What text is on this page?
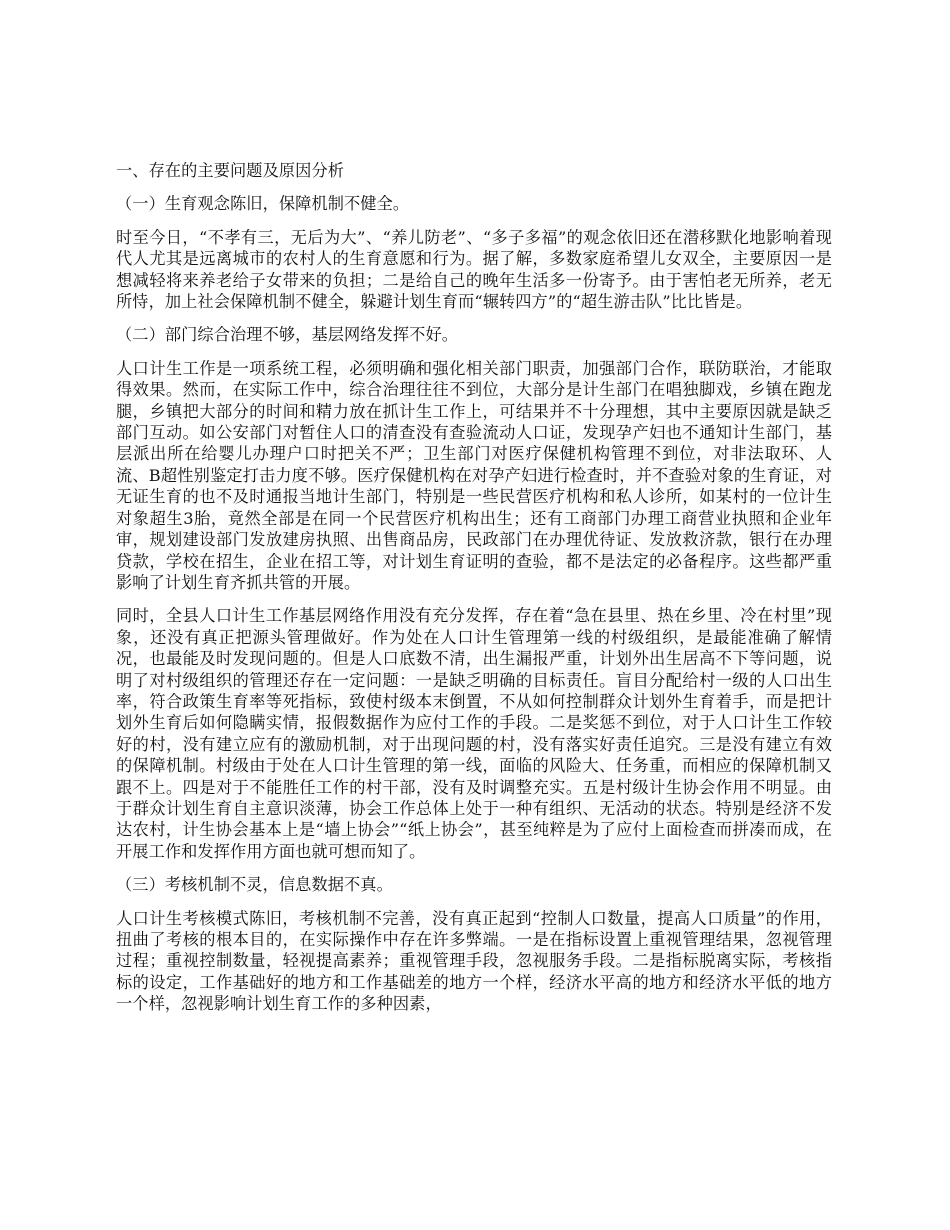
一、存在的主要问题及原因分析

（一）生育观念陈旧，保障机制不健全。

时至今日，“不孝有三，无后为大”、“养儿防老”、“多子多福”的观念依旧还在潜移默化地影响着现代人尤其是远离城市的农村人的生育意愿和行为。据了解，多数家庭希望儿女双全，主要原因一是想减轻将来养老给子女带来的负担；二是给自己的晚年生活多一份寄予。由于害怕老无所养，老无所恃，加上社会保障机制不健全，躲避计划生育而“辗转四方”的“超生游击队”比比皆是。

（二）部门综合治理不够，基层网络发挥不好。

人口计生工作是一项系统工程，必须明确和强化相关部门职责，加强部门合作，联防联治，才能取得效果。然而，在实际工作中，综合治理往往不到位，大部分是计生部门在唱独脚戏，乡镇在跑龙腿，乡镇把大部分的时间和精力放在抓计生工作上，可结果并不十分理想，其中主要原因就是缺乏部门互动。如公安部门对暂住人口的清查没有查验流动人口证，发现孕产妇也不通知计生部门，基层派出所在给婴儿办理户口时把关不严；卫生部门对医疗保健机构管理不到位，对非法取环、人流、B超性别鉴定打击力度不够。医疗保健机构在对孕产妇进行检查时，并不查验对象的生育证，对无证生育的也不及时通报当地计生部门，特别是一些民营医疗机构和私人诊所，如某村的一位计生对象超生3胎，竟然全部是在同一个民营医疗机构出生；还有工商部门办理工商营业执照和企业年审，规划建设部门发放建房执照、出售商品房，民政部门在办理优待证、发放救济款，银行在办理贷款，学校在招生，企业在招工等，对计划生育证明的查验，都不是法定的必备程序。这些都严重影响了计划生育齐抓共管的开展。

同时，全县人口计生工作基层网络作用没有充分发挥，存在着“急在县里、热在乡里、冷在村里”现象，还没有真正把源头管理做好。作为处在人口计生管理第一线的村级组织，是最能准确了解情况，也最能及时发现问题的。但是人口底数不清，出生漏报严重，计划外出生居高不下等问题，说明了对村级组织的管理还存在一定问题：一是缺乏明确的目标责任。盲目分配给村一级的人口出生率，符合政策生育率等死指标，致使村级本末倒置，不从如何控制群众计划外生育着手，而是把计划外生育后如何隐瞒实情，报假数据作为应付工作的手段。二是奖惩不到位，对于人口计生工作较好的村，没有建立应有的激励机制，对于出现问题的村，没有落实好责任追究。三是没有建立有效的保障机制。村级由于处在人口计生管理的第一线，面临的风险大、任务重，而相应的保障机制又跟不上。四是对于不能胜任工作的村干部，没有及时调整充实。五是村级计生协会作用不明显。由于群众计划生育自主意识淡薄，协会工作总体上处于一种有组织、无活动的状态。特别是经济不发达农村，计生协会基本上是“墙上协会”“纸上协会”，甚至纯粹是为了应付上面检查而拼凑而成，在开展工作和发挥作用方面也就可想而知了。

（三）考核机制不灵，信息数据不真。

人口计生考核模式陈旧，考核机制不完善，没有真正起到“控制人口数量，提高人口质量”的作用，扭曲了考核的根本目的，在实际操作中存在许多弊端。一是在指标设置上重视管理结果，忽视管理过程；重视控制数量，轻视提高素养；重视管理手段，忽视服务手段。二是指标脱离实际，考核指标的设定，工作基础好的地方和工作基础差的地方一个样，经济水平高的地方和经济水平低的地方一个样，忽视影响计划生育工作的多种因素，
